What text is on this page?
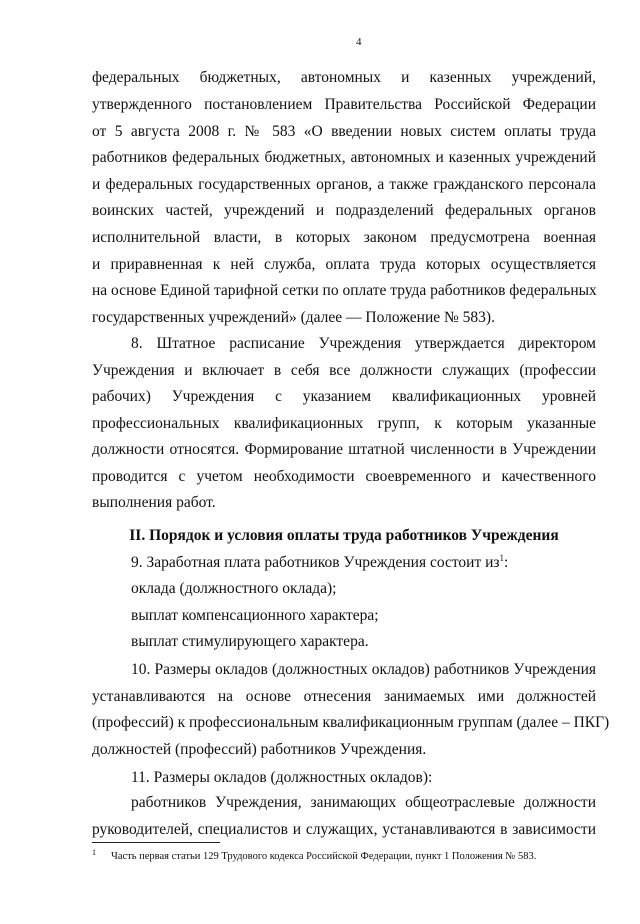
4
федеральных бюджетных, автономных и казенных учреждений,
утвержденного постановлением Правительства Российской Федерации
от 5 августа 2008 г. № 583 «О введении новых систем оплаты труда
работников федеральных бюджетных, автономных и казенных учреждений
и федеральных государственных органов, а также гражданского персонала
воинских частей, учреждений и подразделений федеральных органов
исполнительной власти, в которых законом предусмотрена военная
и приравненная к ней служба, оплата труда которых осуществляется
на основе Единой тарифной сетки по оплате труда работников федеральных
государственных учреждений» (далее — Положение № 583).
8. Штатное расписание Учреждения утверждается директором
Учреждения и включает в себя все должности служащих (профессии
рабочих) Учреждения с указанием квалификационных уровней
профессиональных квалификационных групп, к которым указанные
должности относятся. Формирование штатной численности в Учреждении
проводится с учетом необходимости своевременного и качественного
выполнения работ.
II. Порядок и условия оплаты труда работников Учреждения
9. Заработная плата работников Учреждения состоит $из^1$:
оклада (должностного оклада);
выплат компенсационного характера;
выплат стимулирующего характера.
10. Размеры окладов (должностных окладов) работников Учреждения
устанавливаются на основе отнесения занимаемых ими должностей
(профессий) к профессиональным квалификационным группам (далее – ПКГ)
должностей (профессий) работников Учреждения.
11. Размеры окладов (должностных окладов):
работников Учреждения, занимающих общеотраслевые должности
руководителей, специалистов и служащих, устанавливаются в зависимости
1 Часть первая статьи 129 Трудового кодекса Российской Федерации, пункт 1 Положения № 583.
